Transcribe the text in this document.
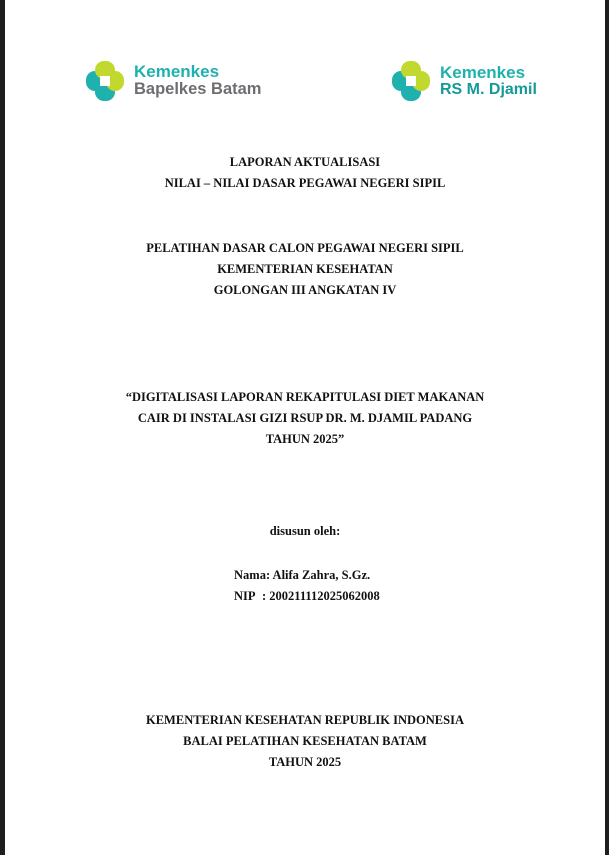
Kemenkes
Bapelkes Batam
Kemenkes
RS M. Djamil
LAPORAN AKTUALISASI
NILAI – NILAI DASAR PEGAWAI NEGERI SIPIL
PELATIHAN DASAR CALON PEGAWAI NEGERI SIPIL
KEMENTERIAN KESEHATAN
GOLONGAN III ANGKATAN IV
“DIGITALISASI LAPORAN REKAPITULASI DIET MAKANAN
CAIR DI INSTALASI GIZI RSUP DR. M. DJAMIL PADANG
TAHUN 2025”
disusun oleh:
Nama : Alifa Zahra, S.Gz.
NIP : 200211112025062008
KEMENTERIAN KESEHATAN REPUBLIK INDONESIA
BALAI PELATIHAN KESEHATAN BATAM
TAHUN 2025
